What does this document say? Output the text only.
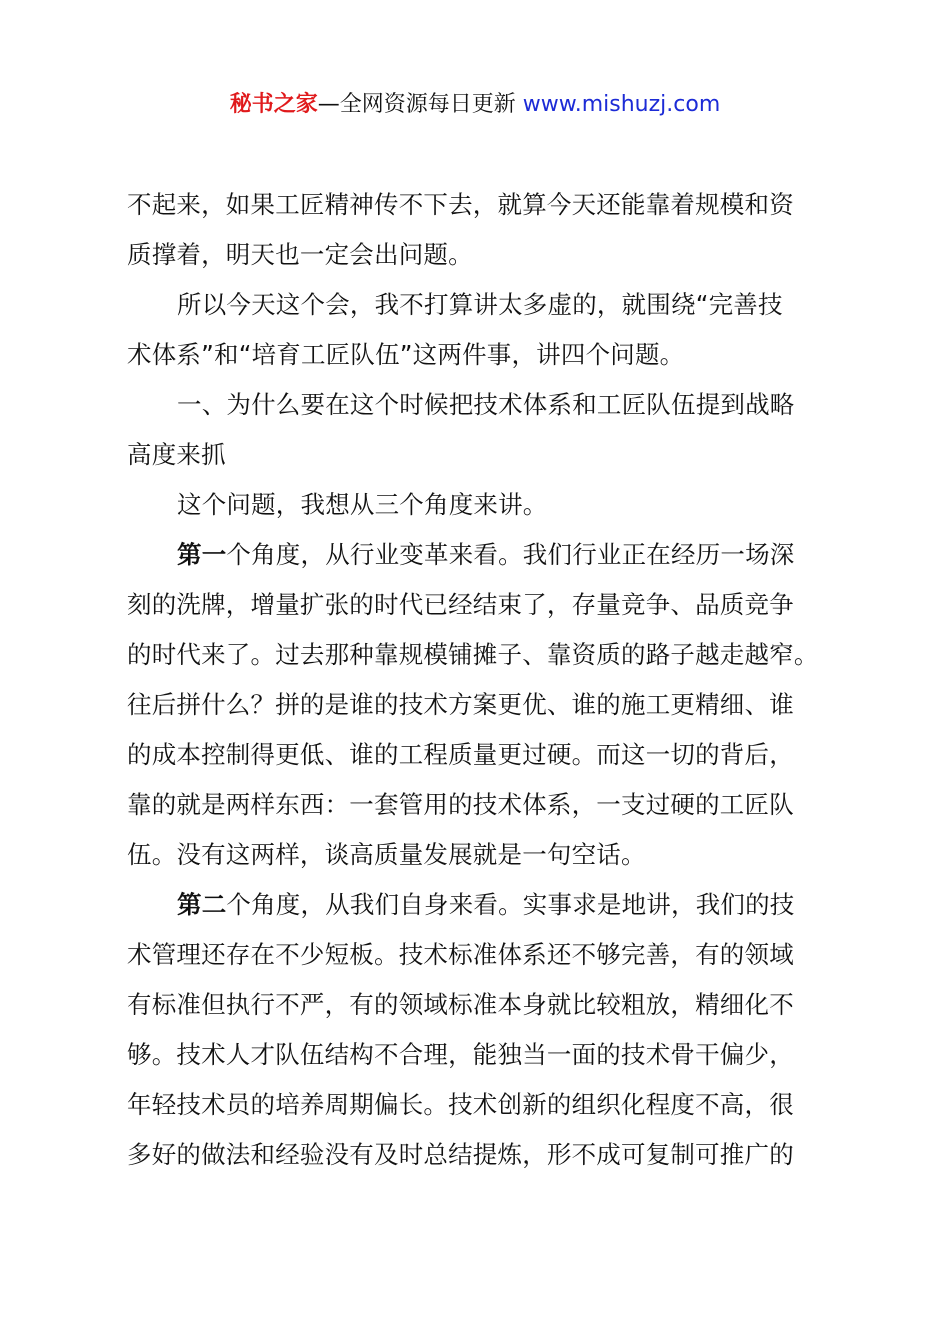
秘书之家—全网资源每日更新 www.mishuzj.com
不起来，如果工匠精神传不下去，就算今天还能靠着规模和资
质撑着，明天也一定会出问题。
所以今天这个会，我不打算讲太多虚的，就围绕“完善技
术体系”和“培育工匠队伍”这两件事，讲四个问题。
一、为什么要在这个时候把技术体系和工匠队伍提到战略
高度来抓
这个问题，我想从三个角度来讲。
第一个角度，从行业变革来看。我们行业正在经历一场深
刻的洗牌，增量扩张的时代已经结束了，存量竞争、品质竞争
的时代来了。过去那种靠规模铺摊子、靠资质的路子越走越窄。
往后拼什么？拼的是谁的技术方案更优、谁的施工更精细、谁
的成本控制得更低、谁的工程质量更过硬。而这一切的背后，
靠的就是两样东西：一套管用的技术体系，一支过硬的工匠队
伍。没有这两样，谈高质量发展就是一句空话。
第二个角度，从我们自身来看。实事求是地讲，我们的技
术管理还存在不少短板。技术标准体系还不够完善，有的领域
有标准但执行不严，有的领域标准本身就比较粗放，精细化不
够。技术人才队伍结构不合理，能独当一面的技术骨干偏少，
年轻技术员的培养周期偏长。技术创新的组织化程度不高，很
多好的做法和经验没有及时总结提炼，形不成可复制可推广的
